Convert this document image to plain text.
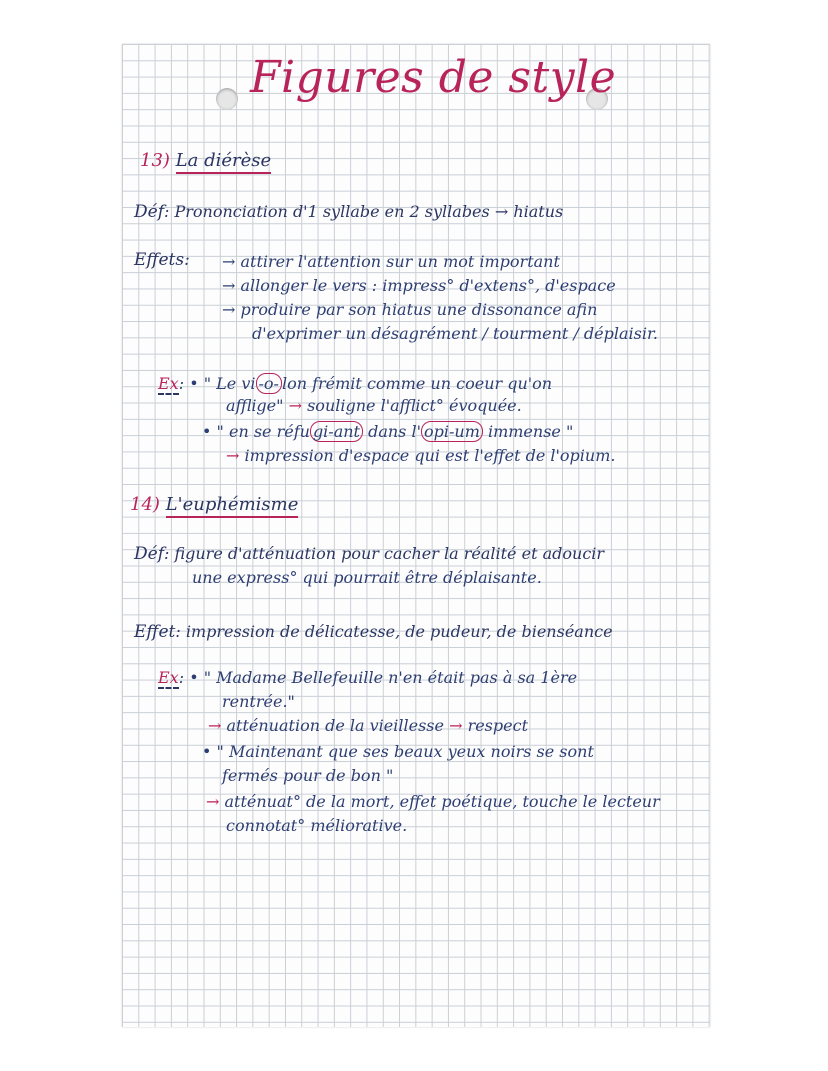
Figures de style
13) La diérèse
Déf: Prononciation d'1 syllabe en 2 syllabes → hiatus
Effets: → attirer l'attention sur un mot important
→ allonger le vers : impress° d'extens°, d'espace
→ produire par son hiatus une dissonance afin
d'exprimer un désagrément / tourment / déplaisir.
Ex: • " Le vi -o- lon frémit comme un coeur qu'on
afflige" → souligne l'afflict° évoquée.
• " en se réfu gi-ant dans l' opi-um immense "
→ impression d'espace qui est l'effet de l'opium.
14) L'euphémisme
Déf: figure d'atténuation pour cacher la réalité et adoucir
une express° qui pourrait être déplaisante.
Effet: impression de délicatesse, de pudeur, de bienséance
Ex: • " Madame Bellefeuille n'en était pas à sa 1ère
rentrée."
→ atténuation de la vieillesse → respect
• " Maintenant que ses beaux yeux noirs se sont
fermés pour de bon "
→ atténuat° de la mort, effet poétique, touche le lecteur
connotat° méliorative.
